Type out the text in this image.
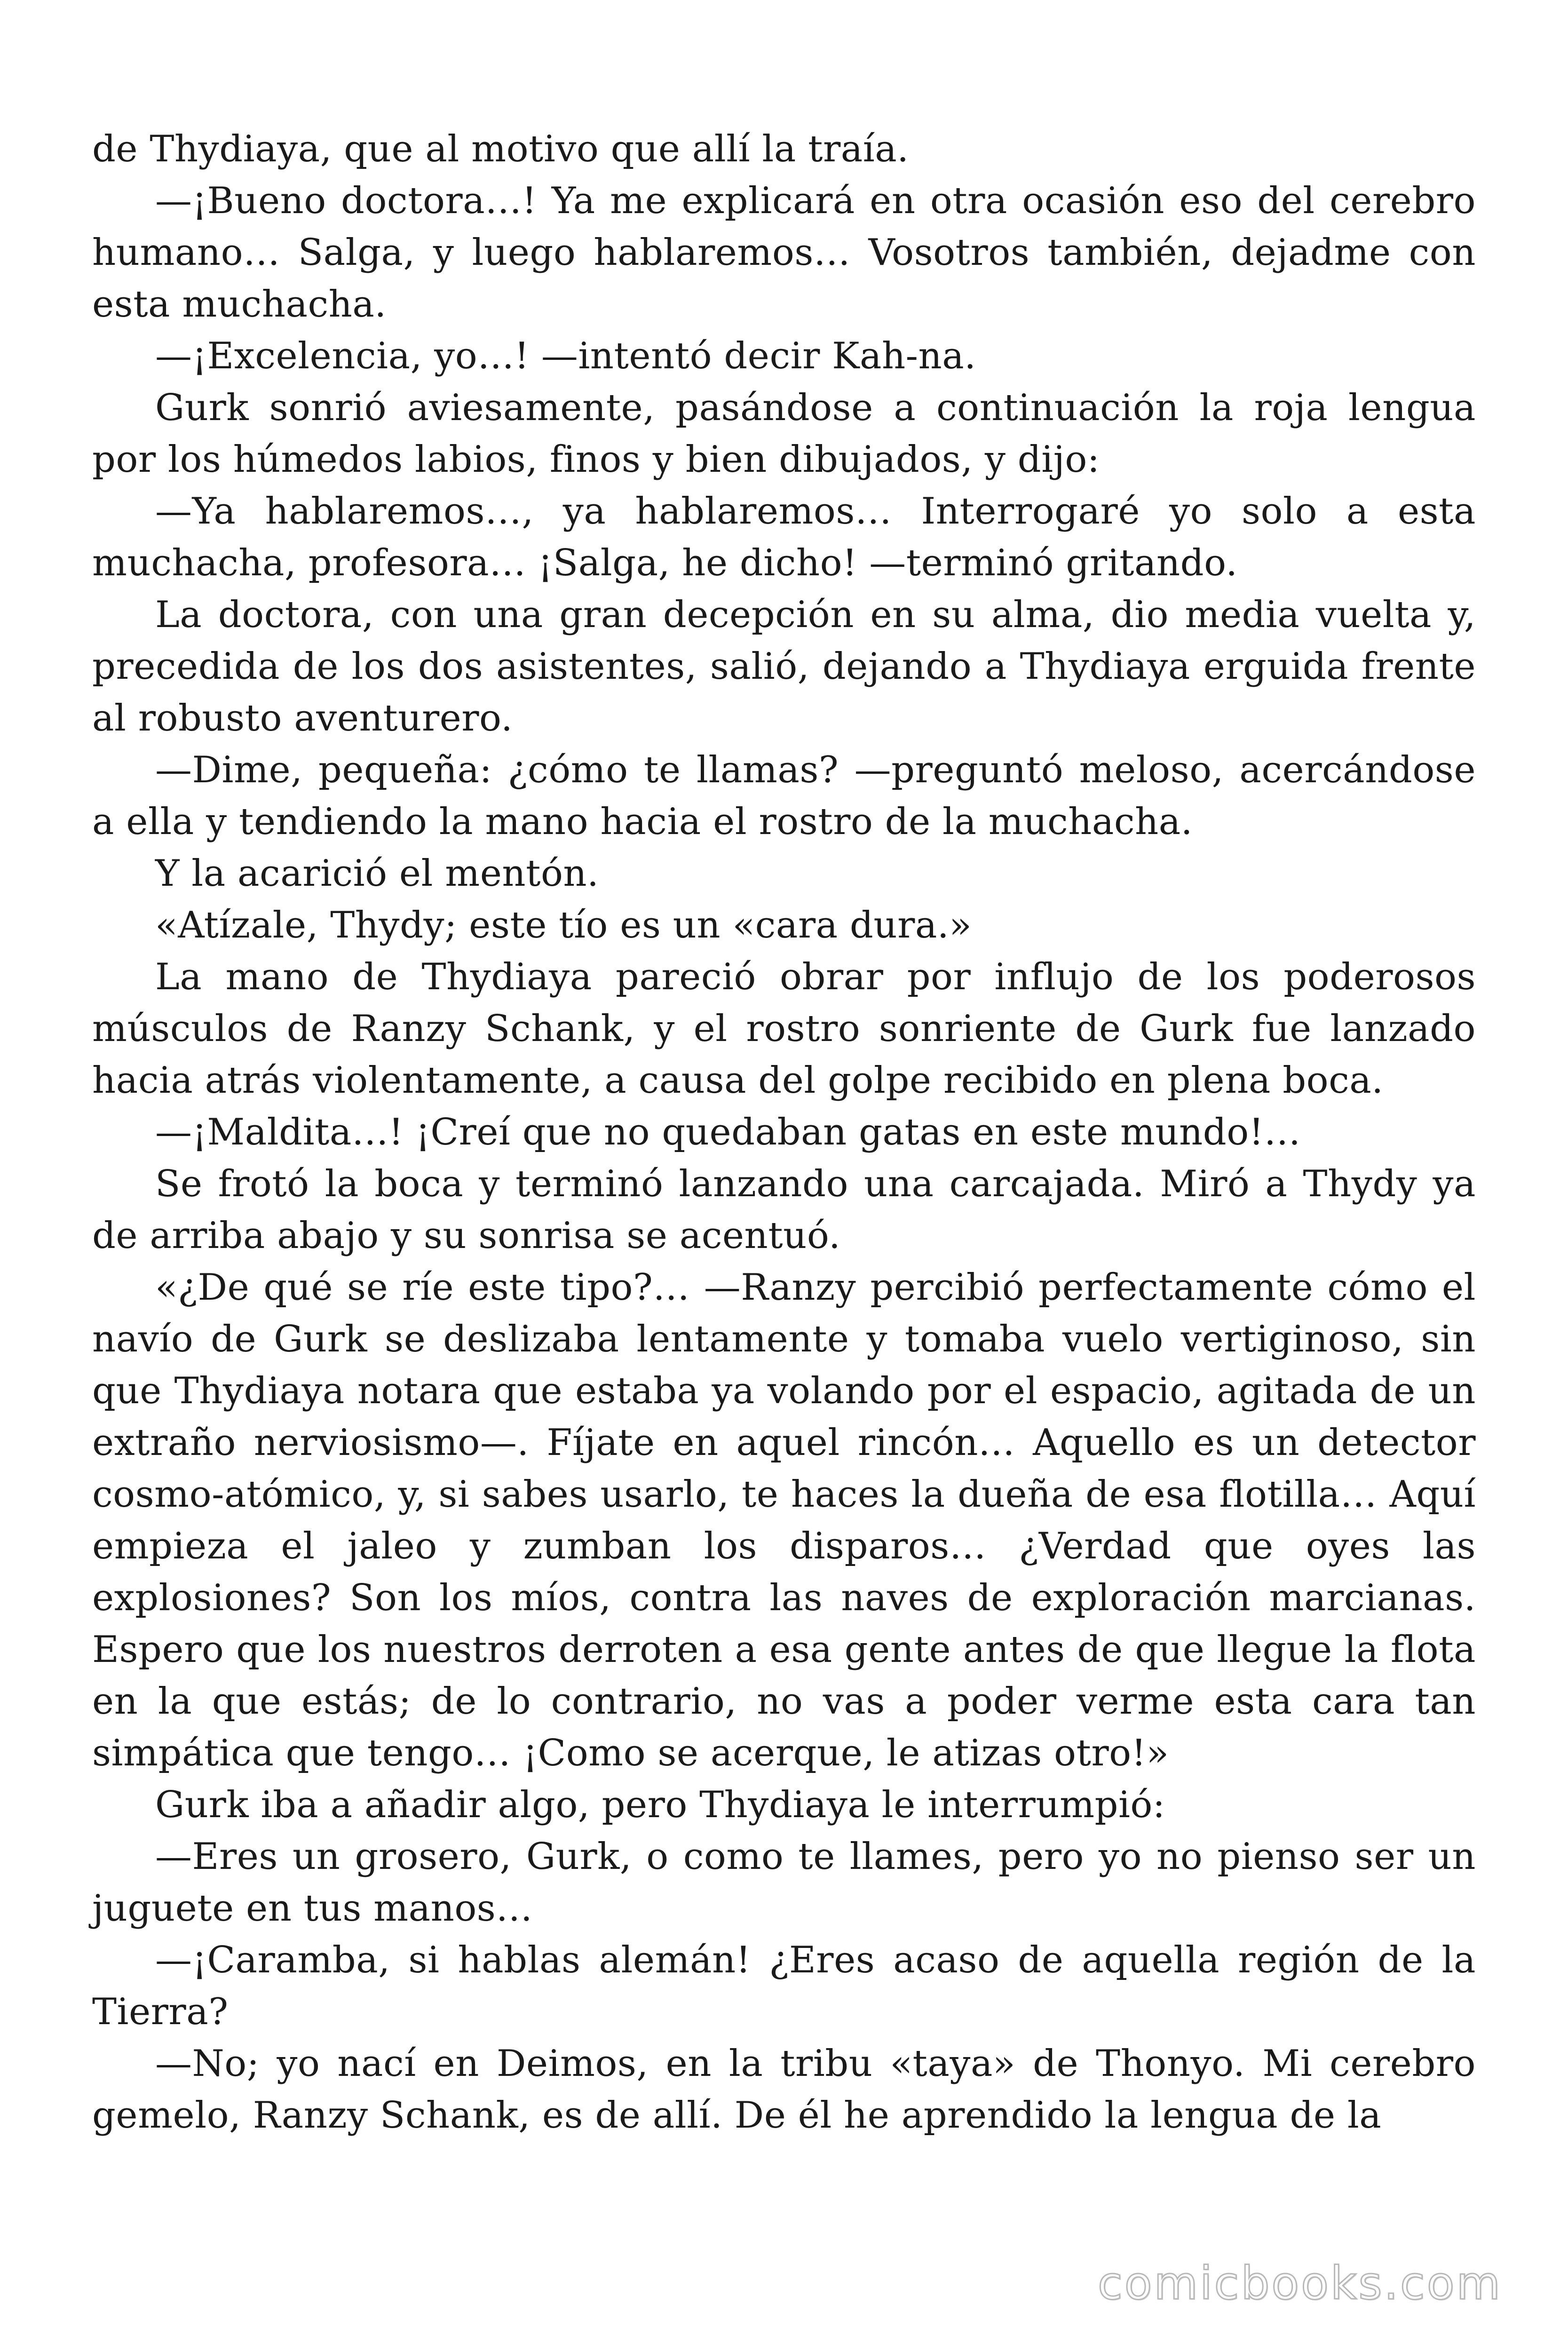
de Thydiaya, que al motivo que allí la traía.

—¡Bueno doctora…! Ya me explicará en otra ocasión eso del cerebro humano… Salga, y luego hablaremos… Vosotros también, dejadme con esta muchacha.

—¡Excelencia, yo…! —intentó decir Kah-na.

Gurk sonrió aviesamente, pasándose a continuación la roja lengua por los húmedos labios, finos y bien dibujados, y dijo:

—Ya hablaremos…, ya hablaremos… Interrogaré yo solo a esta muchacha, profesora… ¡Salga, he dicho! —terminó gritando.

La doctora, con una gran decepción en su alma, dio media vuelta y, precedida de los dos asistentes, salió, dejando a Thydiaya erguida frente al robusto aventurero.

—Dime, pequeña: ¿cómo te llamas? —preguntó meloso, acercándose a ella y tendiendo la mano hacia el rostro de la muchacha.

Y la acarició el mentón.

«Atízale, Thydy; este tío es un «cara dura.»

La mano de Thydiaya pareció obrar por influjo de los poderosos músculos de Ranzy Schank, y el rostro sonriente de Gurk fue lanzado hacia atrás violentamente, a causa del golpe recibido en plena boca.

—¡Maldita…! ¡Creí que no quedaban gatas en este mundo!…

Se frotó la boca y terminó lanzando una carcajada. Miró a Thydy ya de arriba abajo y su sonrisa se acentuó.

«¿De qué se ríe este tipo?… —Ranzy percibió perfectamente cómo el navío de Gurk se deslizaba lentamente y tomaba vuelo vertiginoso, sin que Thydiaya notara que estaba ya volando por el espacio, agitada de un extraño nerviosismo—. Fíjate en aquel rincón… Aquello es un detector cosmo-atómico, y, si sabes usarlo, te haces la dueña de esa flotilla… Aquí empieza el jaleo y zumban los disparos… ¿Verdad que oyes las explosiones? Son los míos, contra las naves de exploración marcianas. Espero que los nuestros derroten a esa gente antes de que llegue la flota en la que estás; de lo contrario, no vas a poder verme esta cara tan simpática que tengo… ¡Como se acerque, le atizas otro!»

Gurk iba a añadir algo, pero Thydiaya le interrumpió:

—Eres un grosero, Gurk, o como te llames, pero yo no pienso ser un juguete en tus manos…

—¡Caramba, si hablas alemán! ¿Eres acaso de aquella región de la Tierra?

—No; yo nací en Deimos, en la tribu «taya» de Thonyo. Mi cerebro gemelo, Ranzy Schank, es de allí. De él he aprendido la lengua de la

comicbooks.com
